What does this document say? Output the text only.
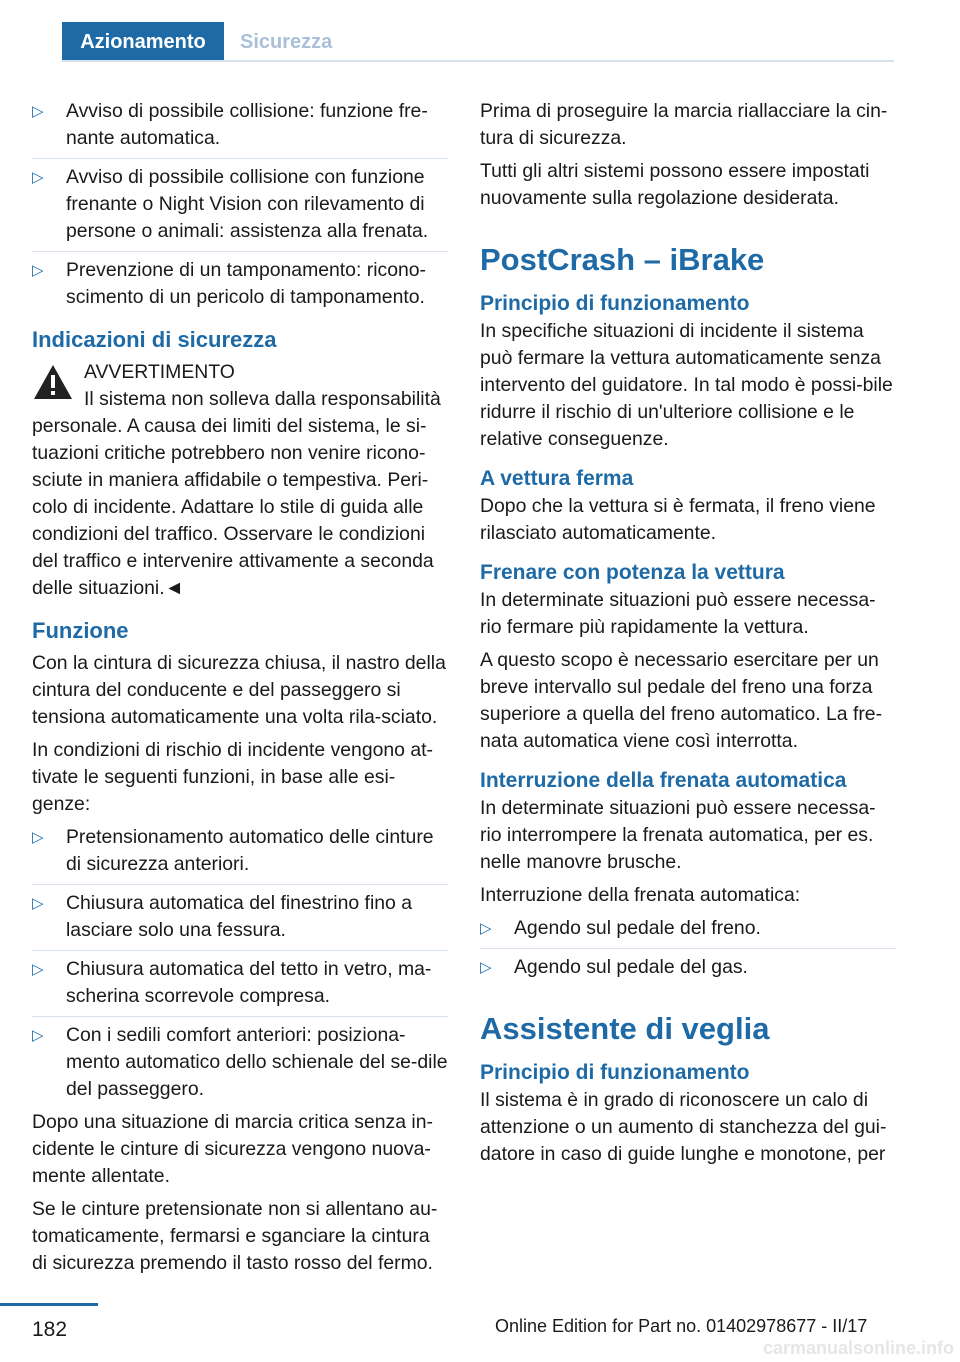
Azionamento	Sicurezza
▷ Avviso di possibile collisione: funzione fre-nante automatica.
▷ Avviso di possibile collisione con funzione frenante o Night Vision con rilevamento di persone o animali: assistenza alla frenata.
▷ Prevenzione di un tamponamento: ricono-scimento di un pericolo di tamponamento.
Indicazioni di sicurezza
AVVERTIMENTO

Il sistema non solleva dalla responsabilità personale. A causa dei limiti del sistema, le si-tuazioni critiche potrebbero non venire ricono-sciute in maniera affidabile o tempestiva. Peri-colo di incidente. Adattare lo stile di guida alle condizioni del traffico. Osservare le condizioni del traffico e intervenire attivamente a seconda delle situazioni.◄

Funzione

Con la cintura di sicurezza chiusa, il nastro della cintura del conducente e del passeggero si tensiona automaticamente una volta rila-sciato.

In condizioni di rischio di incidente vengono at-tivate le seguenti funzioni, in base alle esi-genze:

▷ Pretensionamento automatico delle cinture di sicurezza anteriori.
▷ Chiusura automatica del finestrino fino a lasciare solo una fessura.
▷ Chiusura automatica del tetto in vetro, ma-scherina scorrevole compresa.
▷ Con i sedili comfort anteriori: posiziona-mento automatico dello schienale del se-dile del passeggero.

Dopo una situazione di marcia critica senza in-cidente le cinture di sicurezza vengono nuova-mente allentate.

Se le cinture pretensionate non si allentano au-tomaticamente, fermarsi e sganciare la cintura di sicurezza premendo il tasto rosso del fermo.

Prima di proseguire la marcia riallacciare la cin-tura di sicurezza.

Tutti gli altri sistemi possono essere impostati nuovamente sulla regolazione desiderata.

PostCrash – iBrake
Principio di funzionamento

In specifiche situazioni di incidente il sistema può fermare la vettura automaticamente senza intervento del guidatore. In tal modo è possi-bile ridurre il rischio di un'ulteriore collisione e le relative conseguenze.

A vettura ferma

Dopo che la vettura si è fermata, il freno viene rilasciato automaticamente.

Frenare con potenza la vettura

In determinate situazioni può essere necessa-rio fermare più rapidamente la vettura.

A questo scopo è necessario esercitare per un breve intervallo sul pedale del freno una forza superiore a quella del freno automatico. La fre-nata automatica viene così interrotta.

Interruzione della frenata automatica

In determinate situazioni può essere necessa-rio interrompere la frenata automatica, per es. nelle manovre brusche.

Interruzione della frenata automatica:

▷ Agendo sul pedale del freno.
▷ Agendo sul pedale del gas.
Assistente di veglia
Principio di funzionamento

Il sistema è in grado di riconoscere un calo di attenzione o un aumento di stanchezza del gui-datore in caso di guide lunghe e monotone, per

182	Online Edition for Part no. 01402978677 - II/17
carmanualsonline.info
